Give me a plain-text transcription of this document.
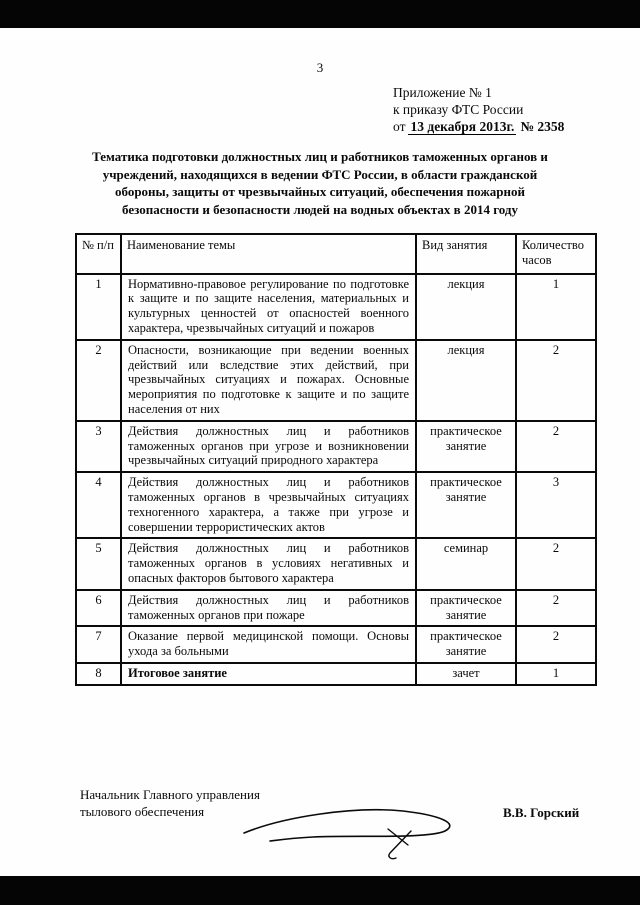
3
Приложение № 1
к приказу ФТС России
от 13 декабря 2013г. № 2358
Тематика подготовки должностных лиц и работников таможенных органов и учреждений, находящихся в ведении ФТС России, в области гражданской обороны, защиты от чрезвычайных ситуаций, обеспечения пожарной безопасности и безопасности людей на водных объектах в 2014 году
№ п/п	Наименование темы	Вид занятия	Количество часов
1	Нормативно-правовое регулирование по подготовке к защите и по защите населения, материальных и культурных ценностей от опасностей военного характера, чрезвычайных ситуаций и пожаров	лекция	1
2	Опасности, возникающие при ведении военных действий или вследствие этих действий, при чрезвычайных ситуациях и пожарах. Основные мероприятия по подготовке к защите и по защите населения от них	лекция	2
3	Действия должностных лиц и работников таможенных органов при угрозе и возникновении чрезвычайных ситуаций природного характера	практическое занятие	2
4	Действия должностных лиц и работников таможенных органов в чрезвычайных ситуациях техногенного характера, а также при угрозе и совершении террористических актов	практическое занятие	3
5	Действия должностных лиц и работников таможенных органов в условиях негативных и опасных факторов бытового характера	семинар	2
6	Действия должностных лиц и работников таможенных органов при пожаре	практическое занятие	2
7	Оказание первой медицинской помощи. Основы ухода за больными	практическое занятие	2
8	Итоговое занятие	зачет	1
Начальник Главного управления
тылового обеспечения	В.В. Горский
